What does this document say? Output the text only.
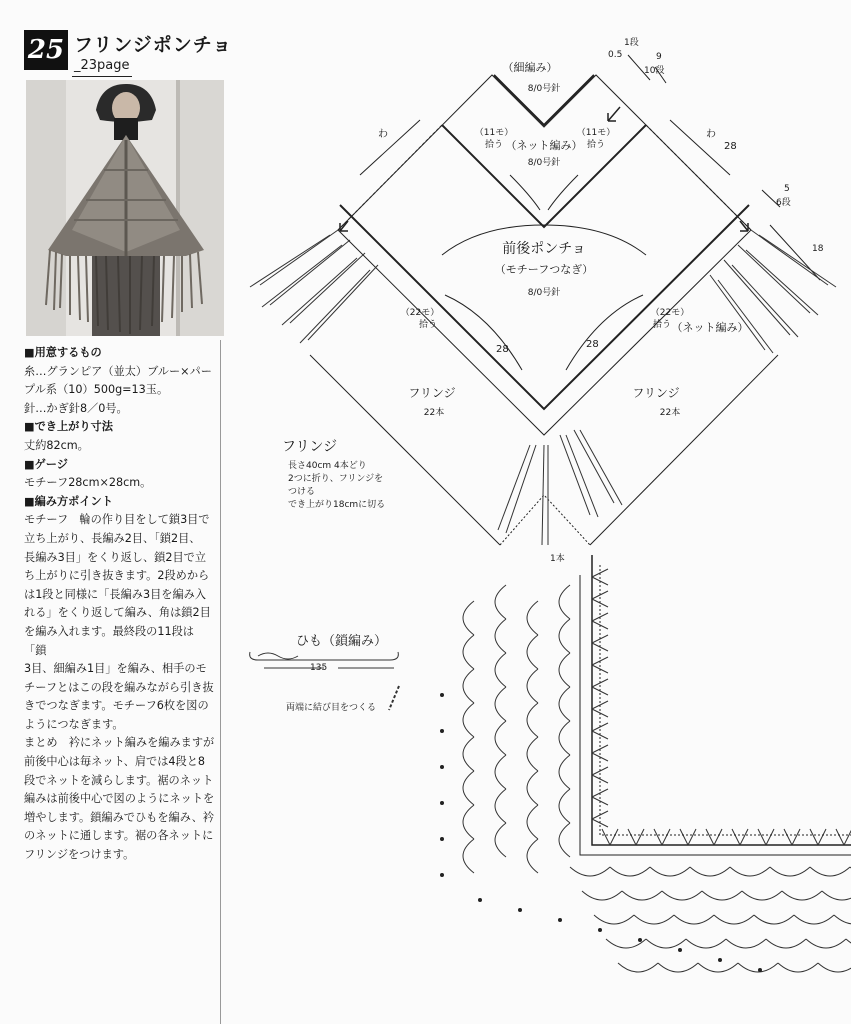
25 フリンジポンチョ
_23page

■用意するもの

糸…グランピア（並太）ブルー×パー

プル系（10）500g=13玉。

針…かぎ針8／0号。

■でき上がり寸法

丈約82cm。

■ゲージ

モチーフ28cm×28cm。

■編み方ポイント

モチーフ　輪の作り目をして鎖3目で

立ち上がり、長編み2目、「鎖2目、

長編み3目」をくり返し、鎖2目で立

ち上がりに引き抜きます。2段めから

は1段と同様に「長編み3目を編み入

れる」をくり返して編み、角は鎖2目

を編み入れます。最終段の11段は「鎖

3目、細編み1目」を編み、相手のモ

チーフとはこの段を編みながら引き抜

きでつなぎます。モチーフ6枚を図の

ようにつなぎます。

まとめ　衿にネット編みを編みますが

前後中心は毎ネット、肩では4段と8

段でネットを減らします。裾のネット

編みは前後中心で図のようにネットを

増やします。鎖編みでひもを編み、衿

のネットに通します。裾の各ネットに

フリンジをつけます。

（細編み）
8/0号針
（ネット編み）
8/0号針
（11モ）
拾う
（11モ）
拾う
わ	わ
28
前後ポンチョ
（モチーフつなぎ）
8/0号針
（22モ）
拾う
（22モ）
拾う （ネット編み）
28	28
フリンジ
22本
フリンジ
22本
0.5
1段
9
10段
5
6段
18
1本
フリンジ
長さ40cm 4本どり
2つに折り、フリンジを
つける
でき上がり18cmに切る
ひも（鎖編み）
135
両端に結び目をつくる
